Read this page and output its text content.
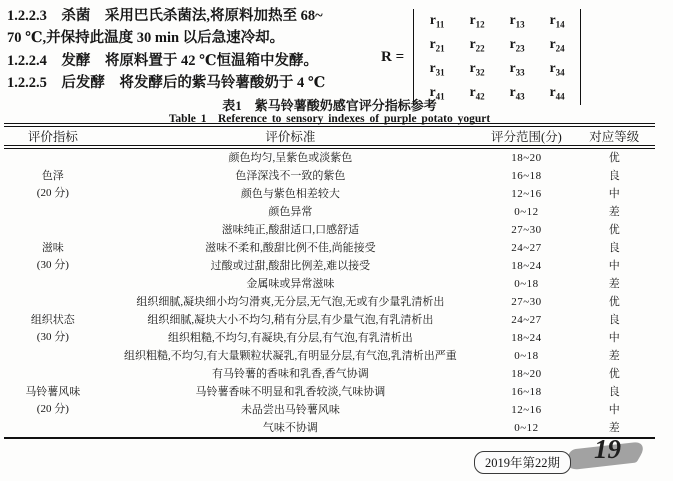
1.2.2.3　杀菌　采用巴氏杀菌法,将原料加热至 68~
70 ℃,并保持此温度 30 min 以后急速冷却。
1.2.2.4　发酵　将原料置于 42 ℃恒温箱中发酵。
1.2.2.5　后发酵　将发酵后的紫马铃薯酸奶于 4 ℃
R =
$r_{11}$ $r_{12}$ $r_{13}$ $r_{14}$
$r_{21}$ $r_{22}$ $r_{23}$ $r_{24}$
$r_{31}$ $r_{32}$ $r_{33}$ $r_{34}$
$r_{41}$ $r_{42}$ $r_{43}$ $r_{44}$
表1　紫马铃薯酸奶感官评分指标参考
Table 1　Reference to sensory indexes of purple potato yogurt
评价指标	评价标准	评分范围(分)	对应等级

色泽
(20 分)	颜色均匀,呈紫色或淡紫色	18~20	优
	色泽深浅不一致的紫色	16~18	良
	颜色与紫色相差较大	12~16	中
	颜色异常	0~12	差

滋味
(30 分)	滋味纯正,酸甜适口,口感舒适	27~30	优
	滋味不柔和,酸甜比例不佳,尚能接受	24~27	良
	过酸或过甜,酸甜比例差,难以接受	18~24	中
	金属味或异常滋味	0~18	差

组织状态
(30 分)	组织细腻,凝块细小均匀滑爽,无分层,无气泡,无或有少量乳清析出	27~30	优
	组织细腻,凝块大小不均匀,稍有分层,有少量气泡,有乳清析出	24~27	良
	组织粗糙,不均匀,有凝块,有分层,有气泡,有乳清析出	18~24	中
	组织粗糙,不均匀,有大量颗粒状凝乳,有明显分层,有气泡,乳清析出严重	0~18	差

马铃薯风味
(20 分)	有马铃薯的香味和乳香,香气协调	18~20	优
	马铃薯香味不明显和乳香较淡,气味协调	16~18	良
	未品尝出马铃薯风味	12~16	中
	气味不协调	0~12	差
2019年第22期	19
